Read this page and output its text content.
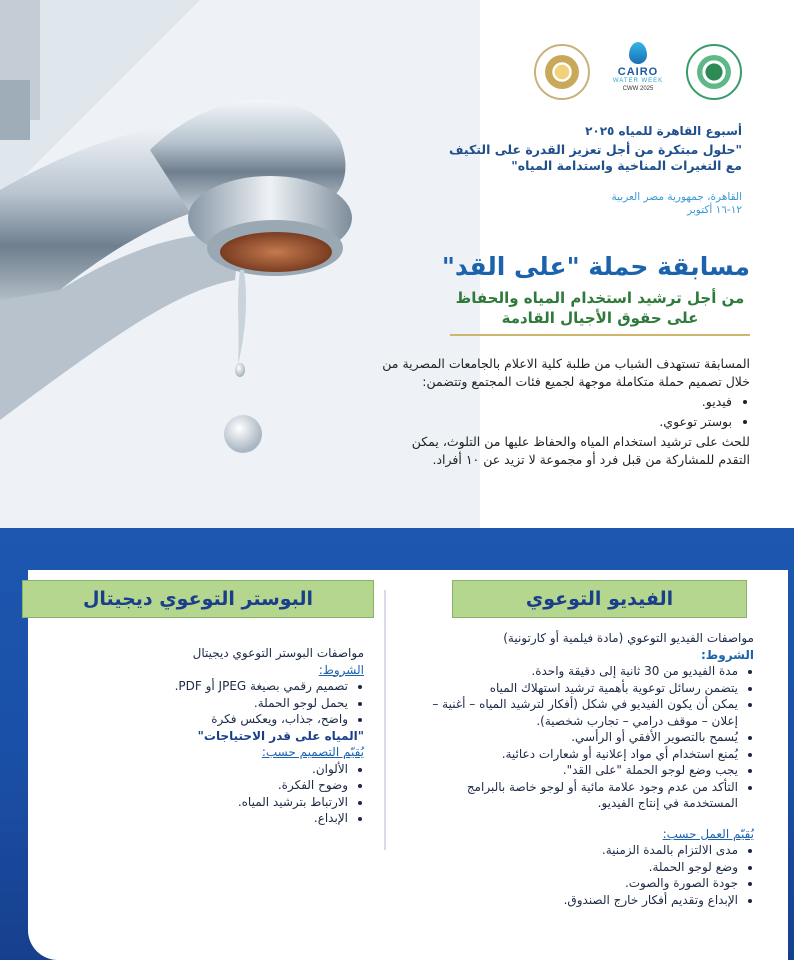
CAIRO
WATER WEEK
CWW 2025
أسبوع القاهرة للمياه ٢٠٢٥
"حلول مبتكرة من أجل تعزيز القدرة على التكيف مع التغيرات المناخية واستدامة المياه"
القاهرة، جمهورية مصر العربية
١٢-١٦ أكتوبر
مسابقة حملة "على القد"
من أجل ترشيد استخدام المياه والحفاظ
على حقوق الأجيال القادمة
المسابقة تستهدف الشباب من طلبة كلية الاعلام بالجامعات المصرية من خلال تصميم حملة متكاملة موجهة لجميع فئات المجتمع وتتضمن:
• فيديو.
• بوستر توعوي.
للحث على ترشيد استخدام المياه والحفاظ عليها من التلوث، يمكن التقدم للمشاركة من قبل فرد أو مجموعة لا تزيد عن ١٠ أفراد.
البوستر التوعوي ديجيتال	الفيديو التوعوي
مواصفات الفيديو التوعوي (مادة فيلمية أو كارتونية)
الشروط:
• مدة الفيديو من 30 ثانية إلى دقيقة واحدة.
• يتضمن رسائل توعوية بأهمية ترشيد استهلاك المياه
• يمكن أن يكون الفيديو في شكل (أفكار لترشيد المياه – أغنية – إعلان – موقف درامي – تجارب شخصية).
• يُسمح بالتصوير الأفقي أو الرأسي.
• يُمنع استخدام أي مواد إعلانية أو شعارات دعائية.
• يجب وضع لوجو الحملة "على القد".
• التأكد من عدم وجود علامة مائية أو لوجو خاصة بالبرامج المستخدمة في إنتاج الفيديو.
يُقيّم العمل حسب:
• مدى الالتزام بالمدة الزمنية.
• وضع لوجو الحملة.
• جودة الصورة والصوت.
• الإبداع وتقديم أفكار خارج الصندوق.
مواصفات البوستر التوعوي ديجيتال
الشروط:
• تصميم رقمي بصيغة JPEG أو PDF.
• يحمل لوجو الحملة.
• واضح، جذاب، ويعكس فكرة
"المياه على قدر الاحتياجات"
يُقيّم التصميم حسب:
• الألوان.
• وضوح الفكرة.
• الارتباط بترشيد المياه.
• الإبداع.
